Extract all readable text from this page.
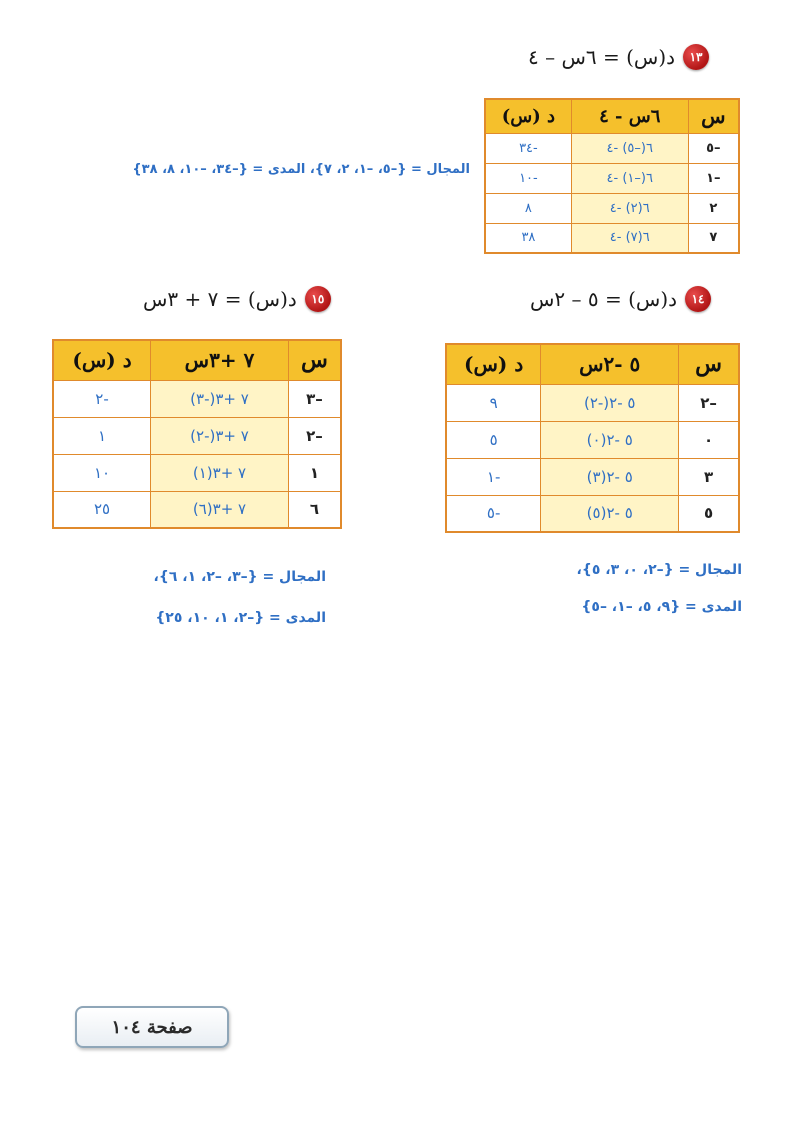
١٣
د(س) = ٦س – ٤
س	٦س - ٤	د (س)
–٥	٦(–٥) -٤	-٣٤
–١	٦(–١) -٤	-١٠
٢	٦(٢) -٤	٨
٧	٦(٧) -٤	٣٨
المجال = {–٥، –١، ٢، ٧}، المدى = {–٣٤، –١٠، ٨، ٣٨}
١٥
د(س) = ٧ + ٣س	١٤
د(س) = ٥ – ٢س
س	٧ +٣س	د (س)
–٣	٧ +٣(-٣)	-٢
–٢	٧ +٣(-٢)	١
١	٧ +٣(١)	١٠
٦	٧ +٣(٦)	٢٥
س	٥ -٢س	د (س)
–٢	٥ -٢(-٢)	٩
٠	٥ -٢(٠)	٥
٣	٥ -٢(٣)	-١
٥	٥ -٢(٥)	-٥
المجال = {–٢، ٠، ٣، ٥}،
المدى = {٩، ٥، –١، –٥}
المجال = {–٣، –٢، ١، ٦}،
المدى = {–٢، ١، ١٠، ٢٥}
صفحة ١٠٤
